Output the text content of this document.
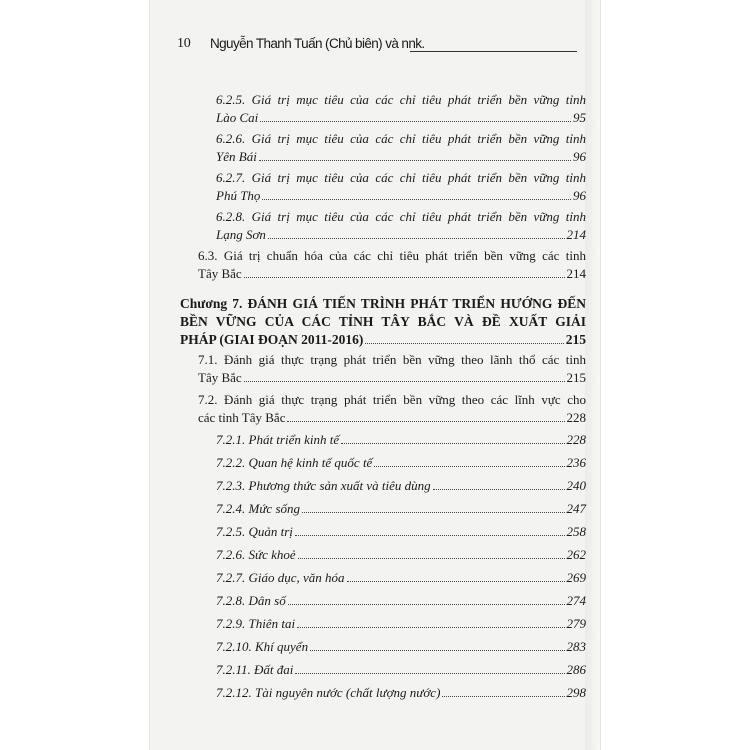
10 Nguyễn Thanh Tuấn (Chủ biên) và nnk.
6.2.5. Giá trị mục tiêu của các chỉ tiêu phát triển bền vững tỉnh
Lào Cai	95
6.2.6. Giá trị mục tiêu của các chỉ tiêu phát triển bền vững tỉnh
Yên Bái	96
6.2.7. Giá trị mục tiêu của các chỉ tiêu phát triển bền vững tỉnh
Phú Thọ	96
6.2.8. Giá trị mục tiêu của các chỉ tiêu phát triển bền vững tỉnh
Lạng Sơn	214
6.3. Giá trị chuẩn hóa của các chỉ tiêu phát triển bền vững các tỉnh
Tây Bắc	214
Chương 7. ĐÁNH GIÁ TIẾN TRÌNH PHÁT TRIỂN HƯỚNG ĐẾN
BỀN VỮNG CỦA CÁC TỈNH TÂY BẮC VÀ ĐỀ XUẤT GIẢI
PHÁP (GIAI ĐOẠN 2011-2016)	215
7.1. Đánh giá thực trạng phát triển bền vững theo lãnh thổ các tỉnh
Tây Bắc	215
7.2. Đánh giá thực trạng phát triển bền vững theo các lĩnh vực cho
các tỉnh Tây Bắc	228
7.2.1. Phát triển kinh tế	228
7.2.2. Quan hệ kinh tế quốc tế	236
7.2.3. Phương thức sản xuất và tiêu dùng	240
7.2.4. Mức sống	247
7.2.5. Quản trị	258
7.2.6. Sức khoẻ	262
7.2.7. Giáo dục, văn hóa	269
7.2.8. Dân số	274
7.2.9. Thiên tai	279
7.2.10. Khí quyển	283
7.2.11. Đất đai	286
7.2.12. Tài nguyên nước (chất lượng nước)	298
